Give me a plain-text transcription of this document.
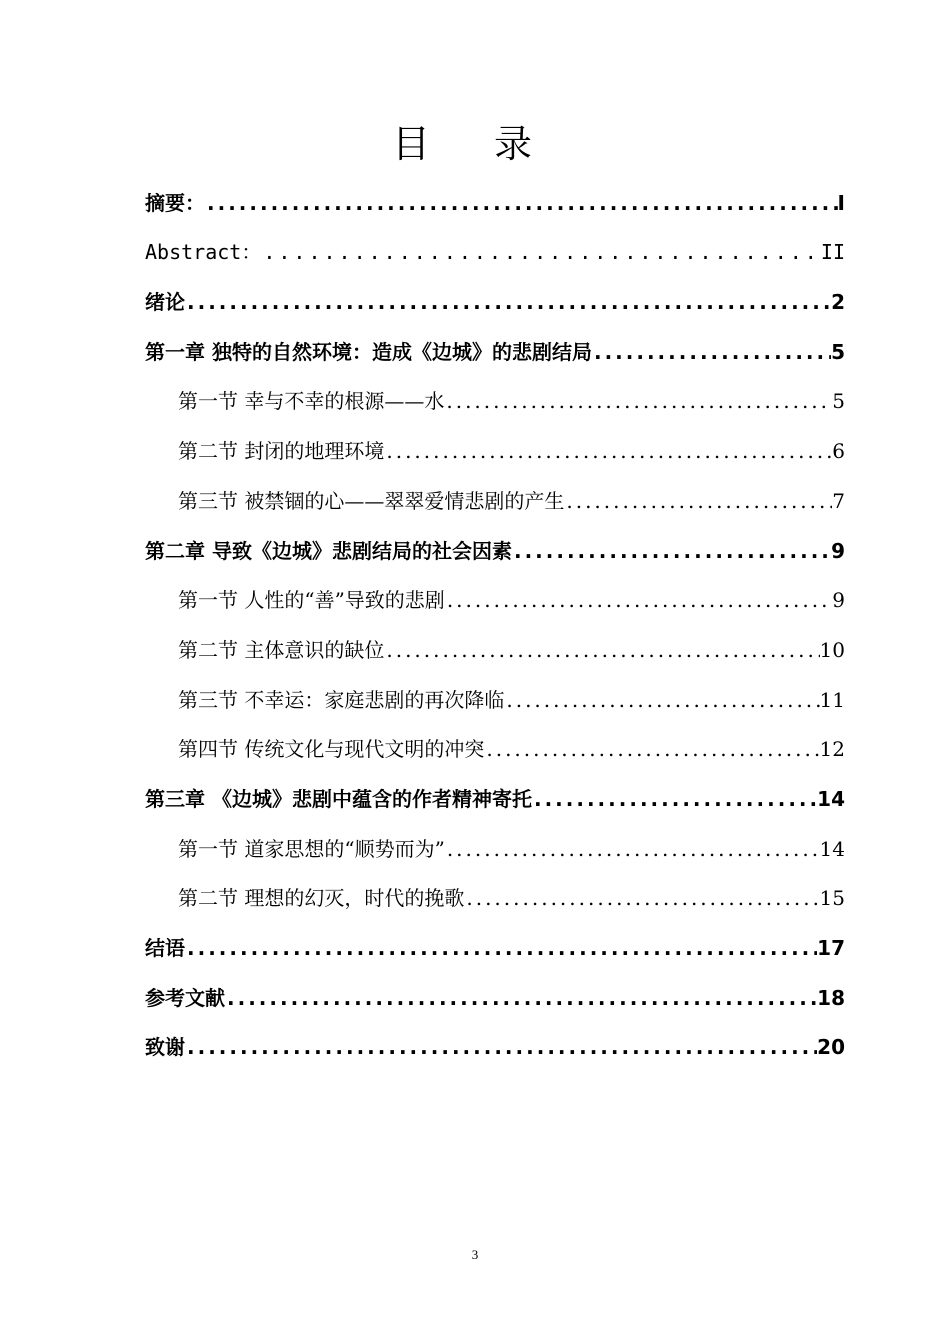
目 录
摘要： .....	I
Abstract： .....	II
绪论 .....	2
第一章 独特的自然环境：造成《边城》的悲剧结局 .....	5
第一节 幸与不幸的根源——水 .....	5
第二节 封闭的地理环境 .....	6
第三节 被禁锢的心——翠翠爱情悲剧的产生 .....	7
第二章 导致《边城》悲剧结局的社会因素 .....	9
第一节 人性的“善”导致的悲剧 .....	9
第二节 主体意识的缺位 .....	10
第三节 不幸运：家庭悲剧的再次降临 .....	11
第四节 传统文化与现代文明的冲突 .....	12
第三章 《边城》悲剧中蕴含的作者精神寄托 .....	14
第一节 道家思想的“顺势而为” .....	14
第二节 理想的幻灭，时代的挽歌 .....	15
结语 .....	17
参考文献 .....	18
致谢 .....	20
3
